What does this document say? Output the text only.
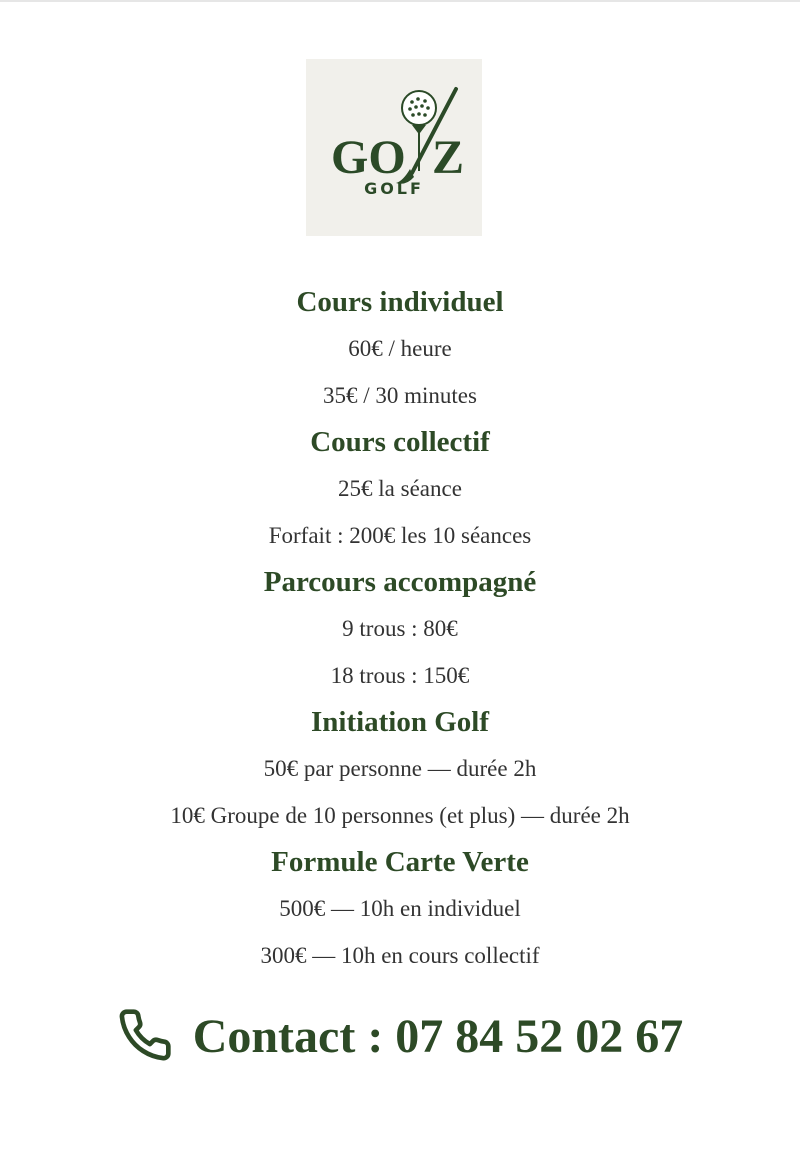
GO Z
GOLF
Cours individuel
60€ / heure
35€ / 30 minutes
Cours collectif
25€ la séance
Forfait : 200€ les 10 séances
Parcours accompagné
9 trous : 80€
18 trous : 150€
Initiation Golf
50€ par personne — durée 2h
10€ Groupe de 10 personnes (et plus) — durée 2h
Formule Carte Verte
500€ — 10h en individuel
300€ — 10h en cours collectif
Contact : 07 84 52 02 67
